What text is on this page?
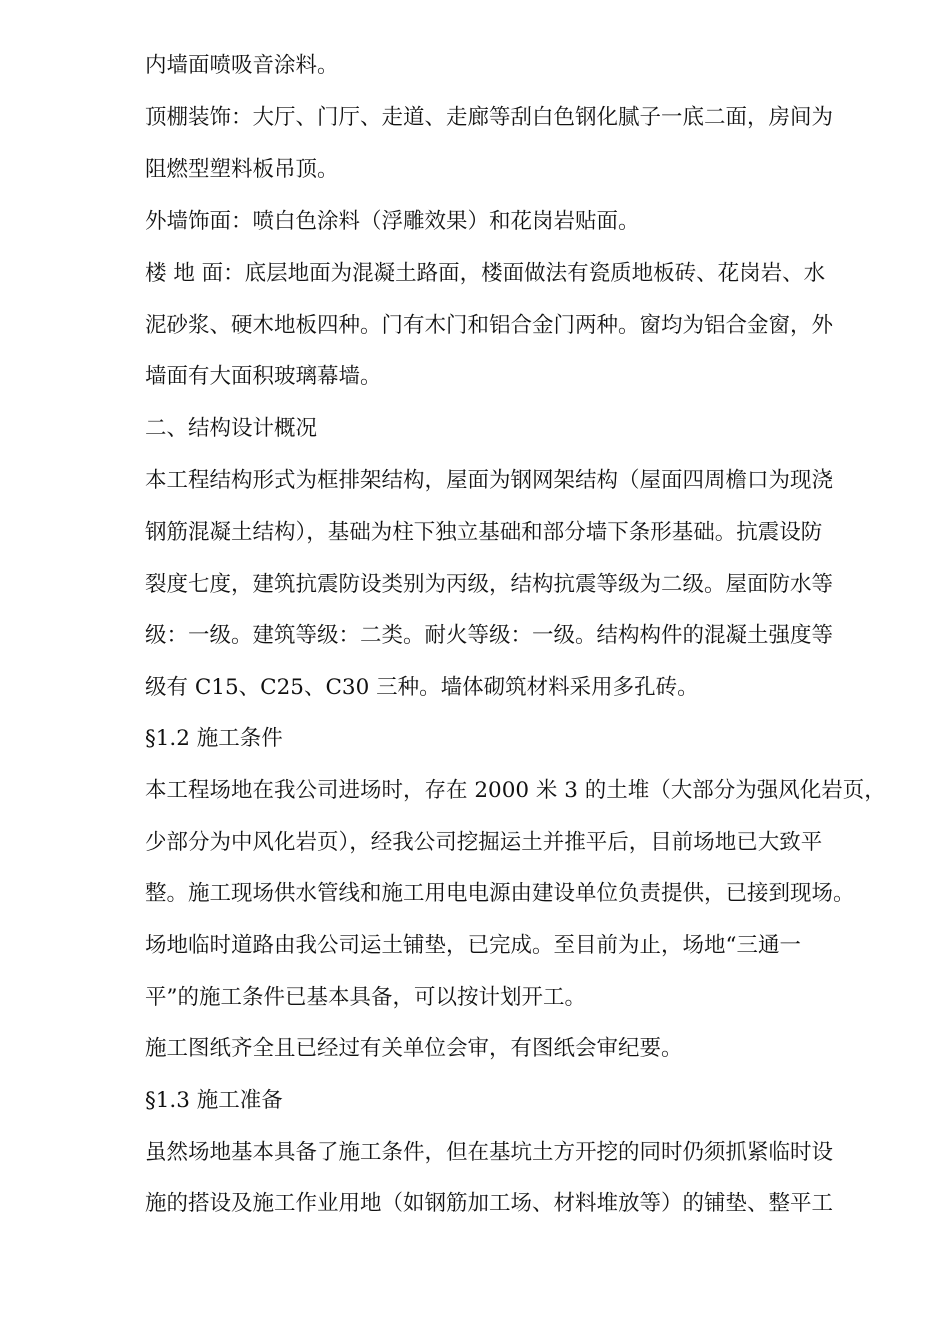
内墙面喷吸音涂料。
顶棚装饰：大厅、门厅、走道、走廊等刮白色钢化腻子一底二面，房间为
阻燃型塑料板吊顶。
外墙饰面：喷白色涂料（浮雕效果）和花岗岩贴面。
楼 地 面：底层地面为混凝土路面，楼面做法有瓷质地板砖、花岗岩、水
泥砂浆、硬木地板四种。门有木门和铝合金门两种。窗均为铝合金窗，外
墙面有大面积玻璃幕墙。
二、结构设计概况
本工程结构形式为框排架结构，屋面为钢网架结构（屋面四周檐口为现浇
钢筋混凝土结构），基础为柱下独立基础和部分墙下条形基础。抗震设防
裂度七度，建筑抗震防设类别为丙级，结构抗震等级为二级。屋面防水等
级：一级。建筑等级：二类。耐火等级：一级。结构构件的混凝土强度等
级有 C15、C25、C30 三种。墙体砌筑材料采用多孔砖。
§1.2 施工条件
本工程场地在我公司进场时，存在 2000 米 3 的土堆（大部分为强风化岩页，
少部分为中风化岩页），经我公司挖掘运土并推平后，目前场地已大致平
整。施工现场供水管线和施工用电电源由建设单位负责提供，已接到现场。
场地临时道路由我公司运土铺垫，已完成。至目前为止，场地“三通一
平”的施工条件已基本具备，可以按计划开工。
施工图纸齐全且已经过有关单位会审，有图纸会审纪要。
§1.3 施工准备
虽然场地基本具备了施工条件，但在基坑土方开挖的同时仍须抓紧临时设
施的搭设及施工作业用地（如钢筋加工场、材料堆放等）的铺垫、整平工
